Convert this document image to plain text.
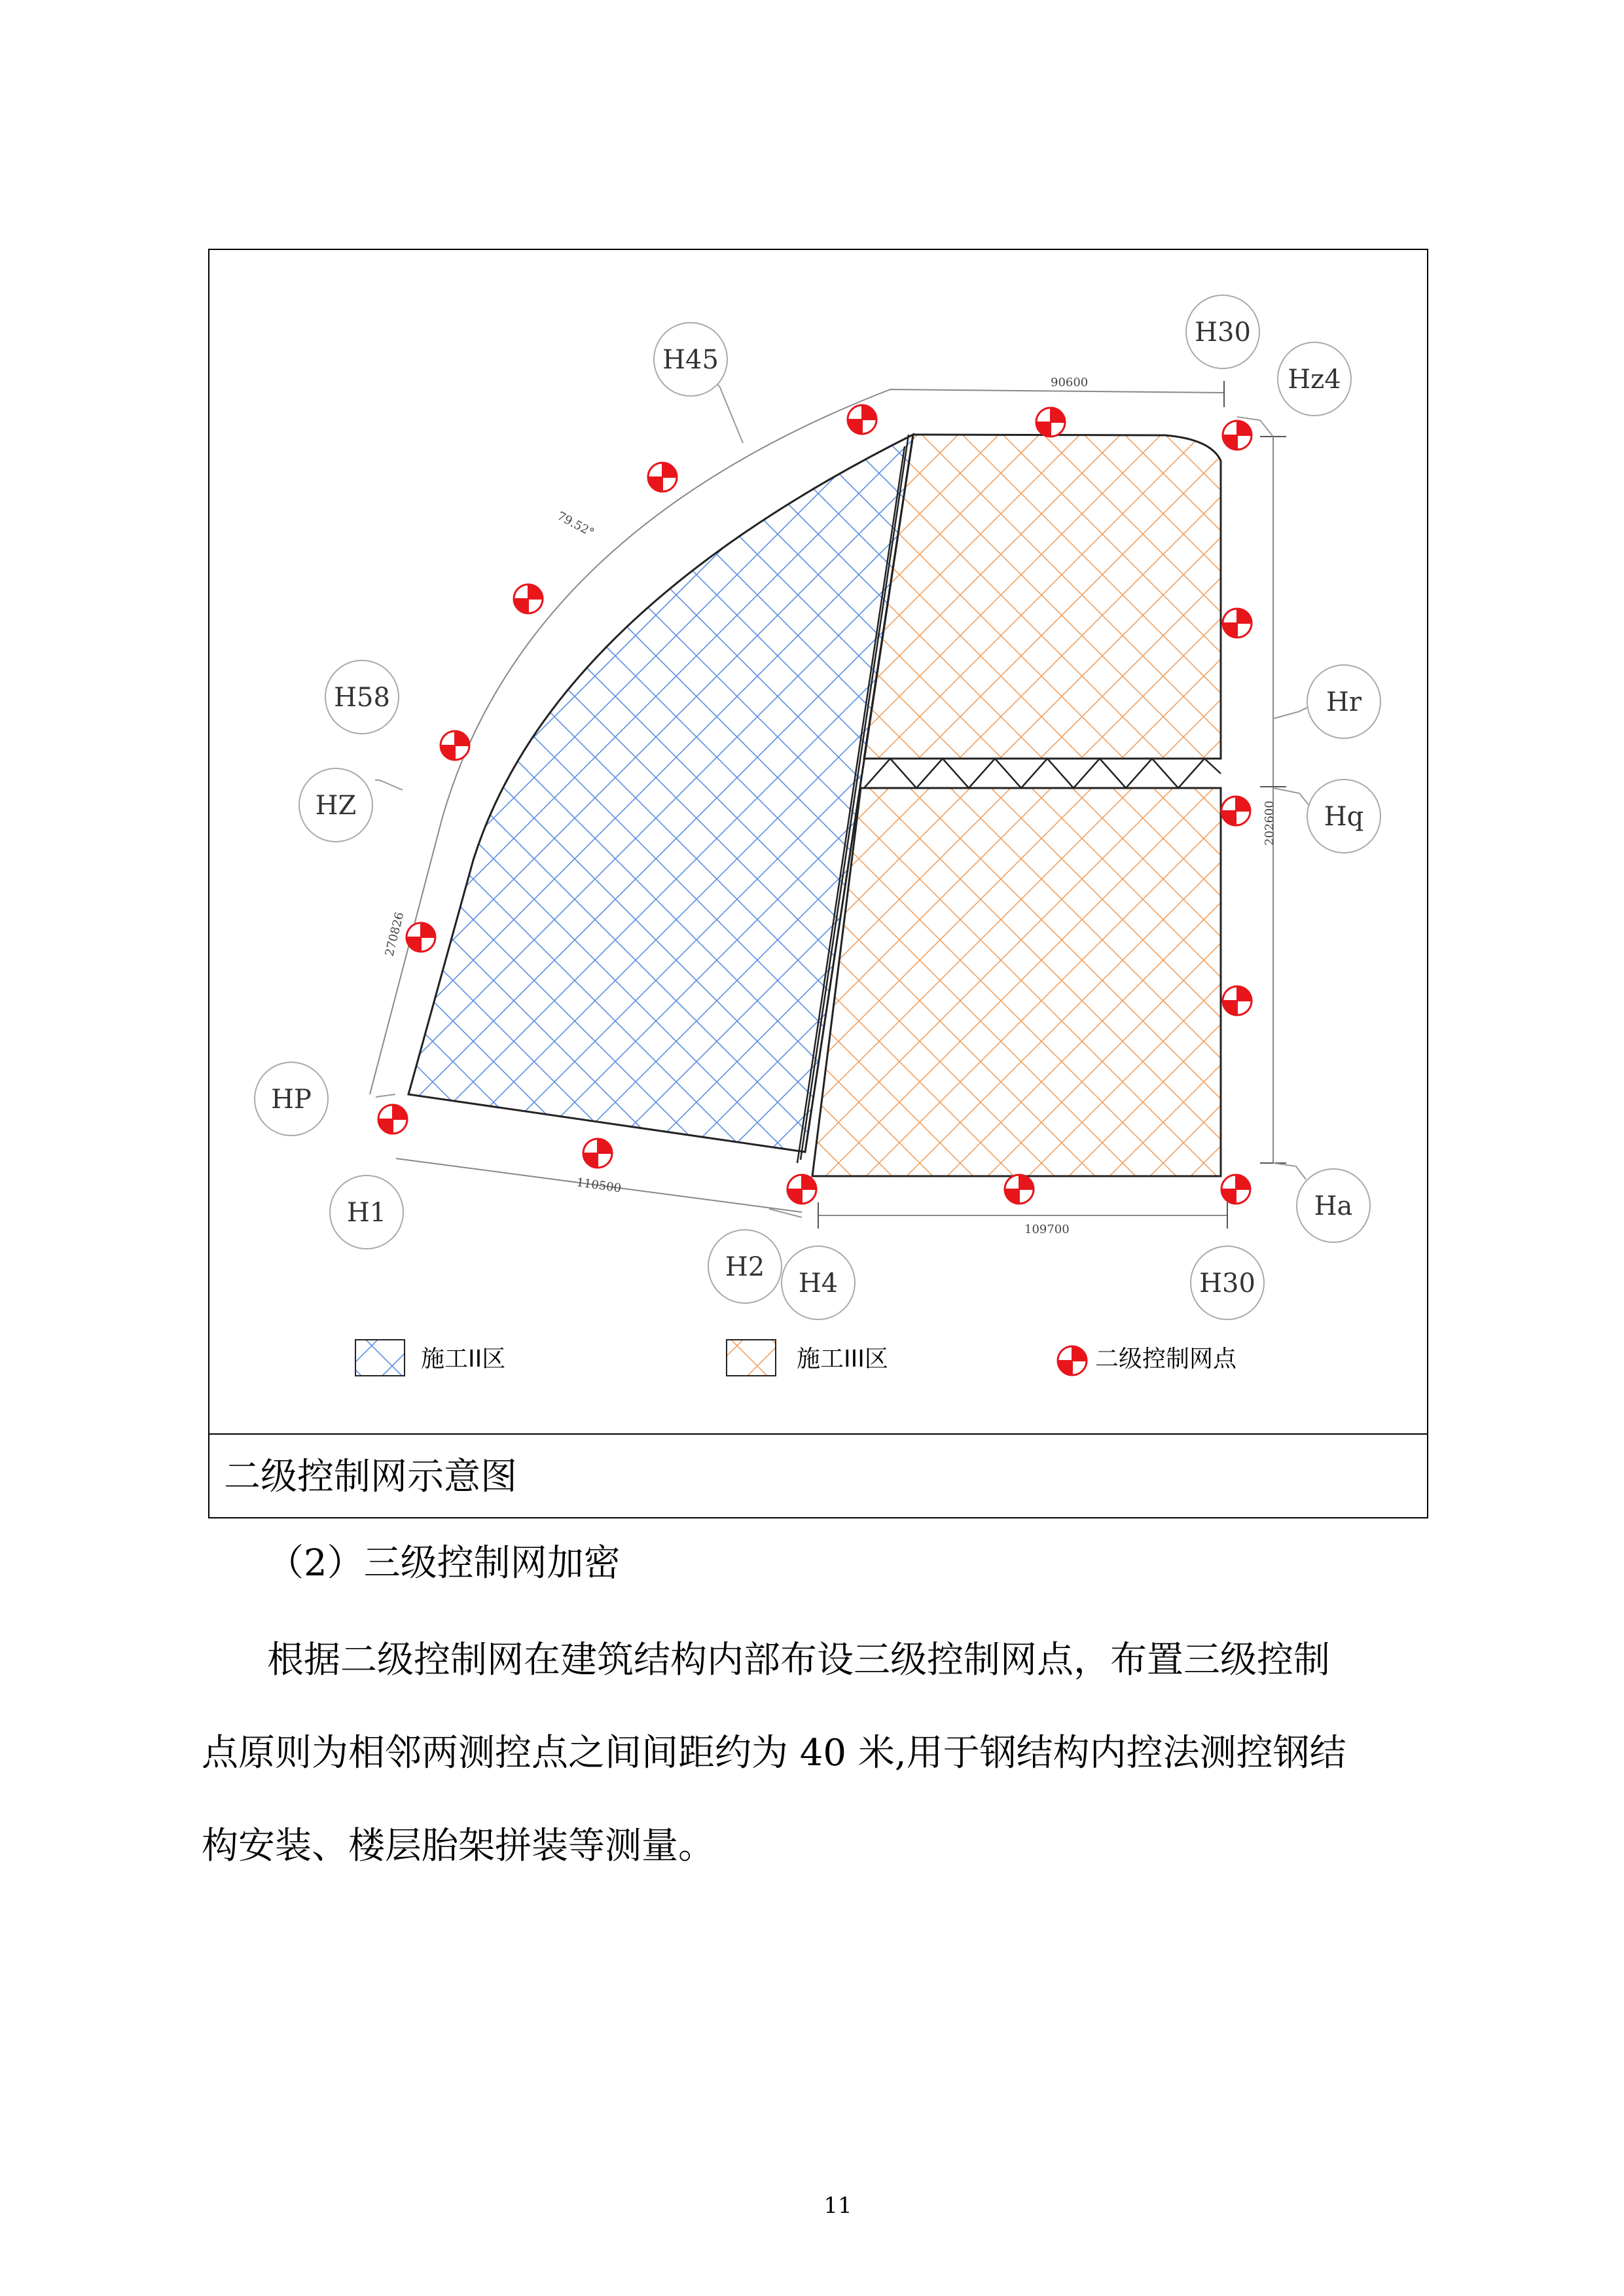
90600
79.52°
270826
202600
110500
109700
H45
H30
Hz4
H58
HZ
Hr
Hq
HP
H1
H2
H4	H30
Ha
施工II区	施工III区	二级控制网点
二级控制网示意图
（2）三级控制网加密
根据二级控制网在建筑结构内部布设三级控制网点，布置三级控制
点原则为相邻两测控点之间间距约为 40 米,用于钢结构内控法测控钢结
构安装、楼层胎架拼装等测量。
11
